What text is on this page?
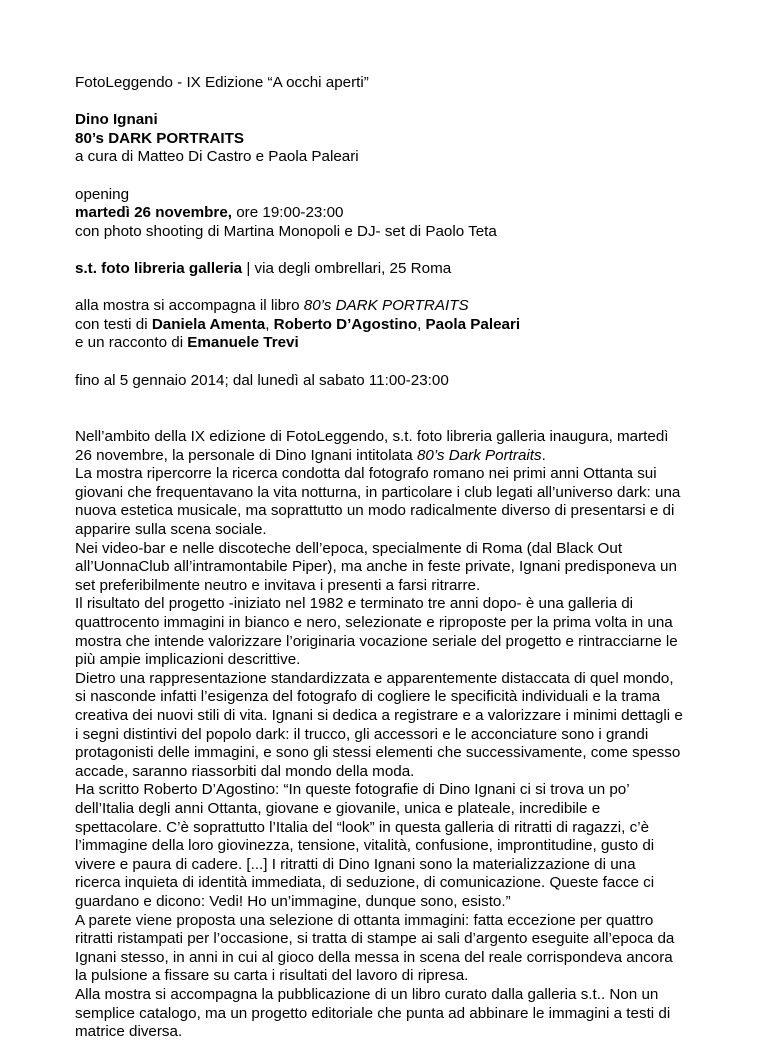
FotoLeggendo - IX Edizione “A occhi aperti”

Dino Ignani

80’s DARK PORTRAITS

a cura di Matteo Di Castro e Paola Paleari

opening

martedì 26 novembre, ore 19:00-23:00

con photo shooting di Martina Monopoli e DJ- set di Paolo Teta

s.t. foto libreria galleria | via degli ombrellari, 25 Roma

alla mostra si accompagna il libro 80’s DARK PORTRAITS

con testi di Daniela Amenta, Roberto D’Agostino, Paola Paleari

e un racconto di Emanuele Trevi

fino al 5 gennaio 2014; dal lunedì al sabato 11:00-23:00

Nell’ambito della IX edizione di FotoLeggendo, s.t. foto libreria galleria inaugura, martedì

26 novembre, la personale di Dino Ignani intitolata 80’s Dark Portraits.

La mostra ripercorre la ricerca condotta dal fotografo romano nei primi anni Ottanta sui

giovani che frequentavano la vita notturna, in particolare i club legati all’universo dark: una

nuova estetica musicale, ma soprattutto un modo radicalmente diverso di presentarsi e di

apparire sulla scena sociale.

Nei video-bar e nelle discoteche dell’epoca, specialmente di Roma (dal Black Out

all’UonnaClub all’intramontabile Piper), ma anche in feste private, Ignani predisponeva un

set preferibilmente neutro e invitava i presenti a farsi ritrarre.

Il risultato del progetto -iniziato nel 1982 e terminato tre anni dopo- è una galleria di

quattrocento immagini in bianco e nero, selezionate e riproposte per la prima volta in una

mostra che intende valorizzare l’originaria vocazione seriale del progetto e rintracciarne le

più ampie implicazioni descrittive.

Dietro una rappresentazione standardizzata e apparentemente distaccata di quel mondo,

si nasconde infatti l’esigenza del fotografo di cogliere le specificità individuali e la trama

creativa dei nuovi stili di vita. Ignani si dedica a registrare e a valorizzare i minimi dettagli e

i segni distintivi del popolo dark: il trucco, gli accessori e le acconciature sono i grandi

protagonisti delle immagini, e sono gli stessi elementi che successivamente, come spesso

accade, saranno riassorbiti dal mondo della moda.

Ha scritto Roberto D’Agostino: “In queste fotografie di Dino Ignani ci si trova un po’

dell’Italia degli anni Ottanta, giovane e giovanile, unica e plateale, incredibile e

spettacolare. C’è soprattutto l’Italia del “look” in questa galleria di ritratti di ragazzi, c’è

l’immagine della loro giovinezza, tensione, vitalità, confusione, improntitudine, gusto di

vivere e paura di cadere. [...] I ritratti di Dino Ignani sono la materializzazione di una

ricerca inquieta di identità immediata, di seduzione, di comunicazione. Queste facce ci

guardano e dicono: Vedi! Ho un’immagine, dunque sono, esisto.”

A parete viene proposta una selezione di ottanta immagini: fatta eccezione per quattro

ritratti ristampati per l’occasione, si tratta di stampe ai sali d’argento eseguite all’epoca da

Ignani stesso, in anni in cui al gioco della messa in scena del reale corrispondeva ancora

la pulsione a fissare su carta i risultati del lavoro di ripresa.

Alla mostra si accompagna la pubblicazione di un libro curato dalla galleria s.t.. Non un

semplice catalogo, ma un progetto editoriale che punta ad abbinare le immagini a testi di

matrice diversa.
